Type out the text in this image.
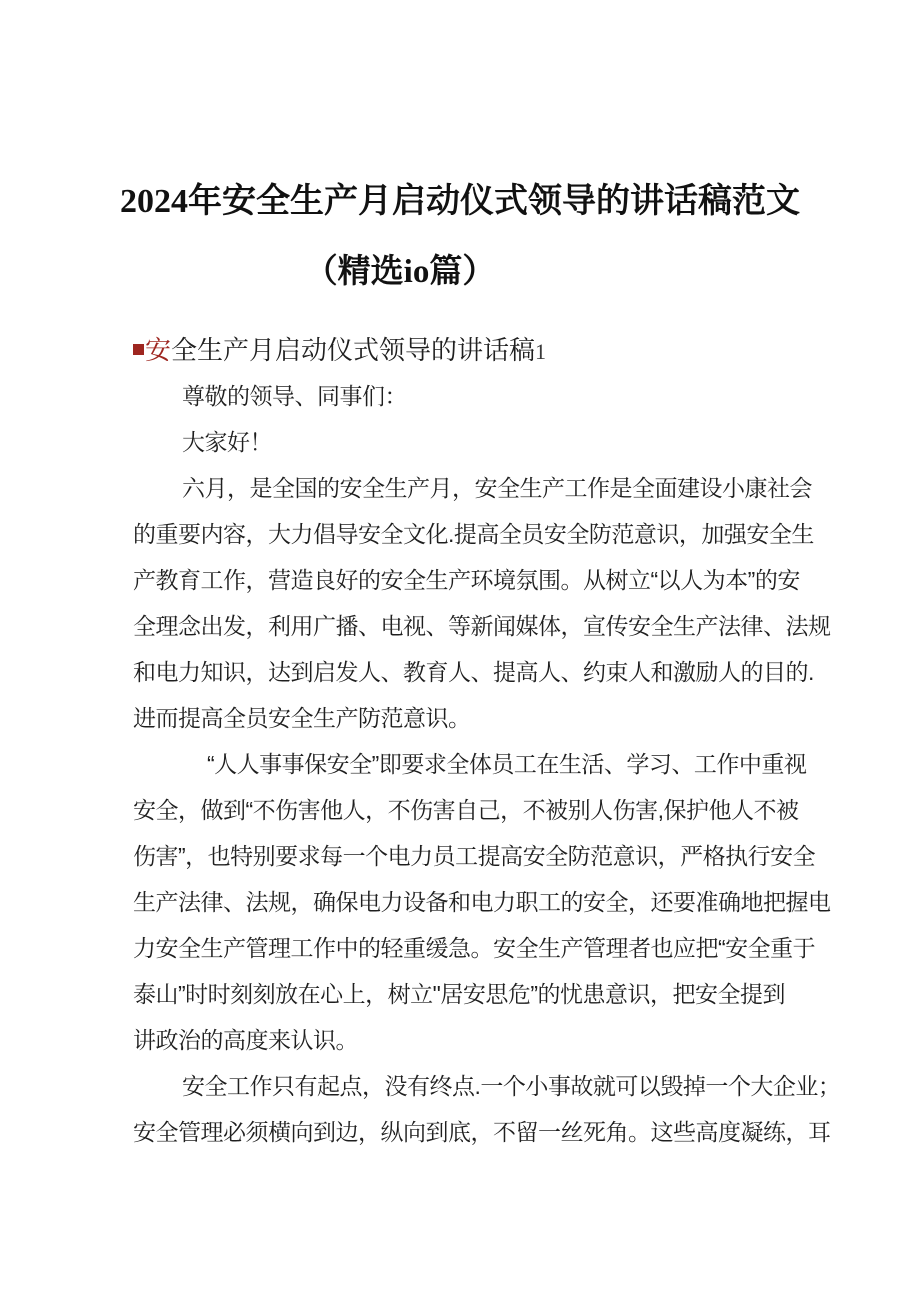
2024年安全生产月启动仪式领导的讲话稿范文
（精选io篇）
安全生产月启动仪式领导的讲话稿1
尊敬的领导、同事们：
大家好！
六月，是全国的安全生产月，安全生产工作是全面建设小康社会
的重要内容，大力倡导安全文化.提高全员安全防范意识，加强安全生
产教育工作，营造良好的安全生产环境氛围。从树立“以人为本”的安
全理念出发，利用广播、电视、等新闻媒体，宣传安全生产法律、法规
和电力知识，达到启发人、教育人、提高人、约束人和激励人的目的.
进而提高全员安全生产防范意识。
“人人事事保安全”即要求全体员工在生活、学习、工作中重视
安全，做到“不伤害他人，不伤害自己，不被别人伤害,保护他人不被
伤害”，也特别要求每一个电力员工提高安全防范意识，严格执行安全
生产法律、法规，确保电力设备和电力职工的安全，还要准确地把握电
力安全生产管理工作中的轻重缓急。安全生产管理者也应把“安全重于
泰山”时时刻刻放在心上，树立"居安思危”的忧患意识，把安全提到
讲政治的高度来认识。
安全工作只有起点，没有终点.一个小事故就可以毁掉一个大企业；
安全管理必须横向到边，纵向到底，不留一丝死角。这些高度凝练，耳
